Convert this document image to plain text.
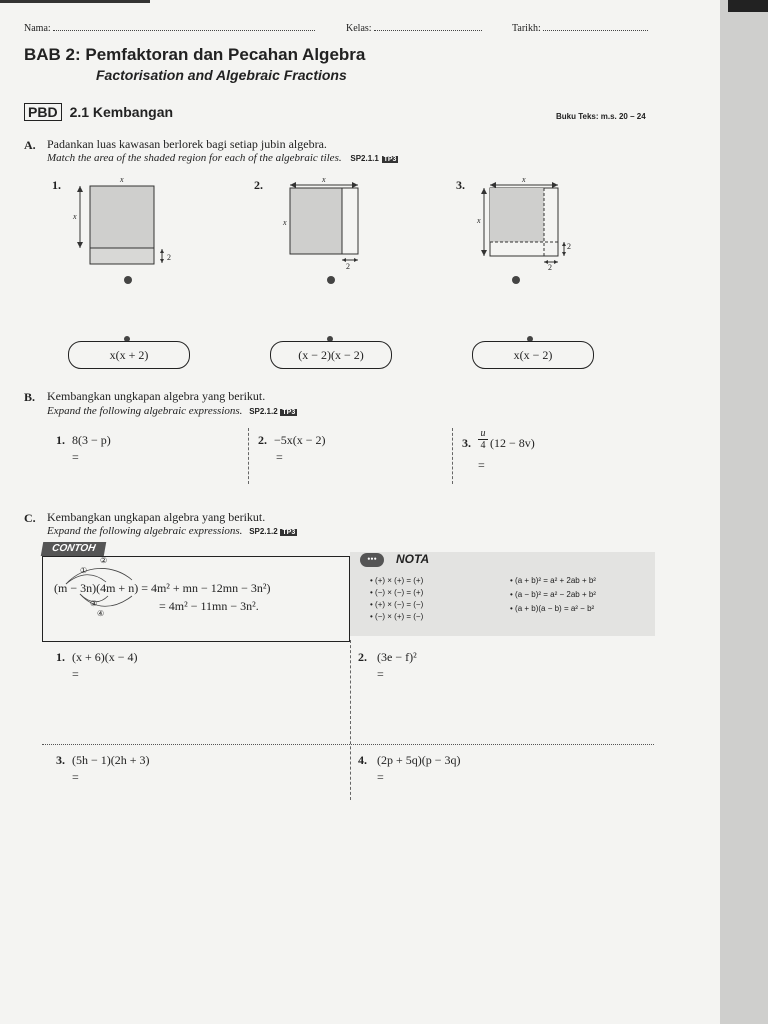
Nama:	Kelas:	Tarikh:
BAB 2: Pemfaktoran dan Pecahan Algebra
Factorisation and Algebraic Fractions
PBD 2.1 Kembangan	Buku Teks: m.s. 20 – 24
A. Padankan luas kawasan berlorek bagi setiap jubin algebra.
Match the area of the shaded region for each of the algebraic tiles. SP2.1.1 TP3
1.	x
x
2
2.	x
x
2
3.	x
x
2
2
x(x + 2)	(x − 2)(x − 2)	x(x − 2)
B. Kembangkan ungkapan algebra yang berikut.
Expand the following algebraic expressions. SP2.1.2 TP3
1. 8(3 − p)
=
2. −5x(x − 2)
=
3. $\frac{u}{4} (12 - 8v)$
=
C. Kembangkan ungkapan algebra yang berikut.
Expand the following algebraic expressions. SP2.1.2 TP3
CONTOH
②
①
③
④
(m − 3n)(4m + n) = 4m² + mn − 12mn − 3n²)
= 4m² − 11mn − 3n².
•••	NOTA
• (+) × (+) = (+)
• (−) × (−) = (+)
• (+) × (−) = (−)
• (−) × (+) = (−)
• (a + b)² = a² + 2ab + b²
• (a − b)² = a² − 2ab + b²
• (a + b)(a − b) = a² − b²
1. (x + 6)(x − 4)
=
2. (3e − f)²
=
3. (5h − 1)(2h + 3)
=
4. (2p + 5q)(p − 3q)
=
